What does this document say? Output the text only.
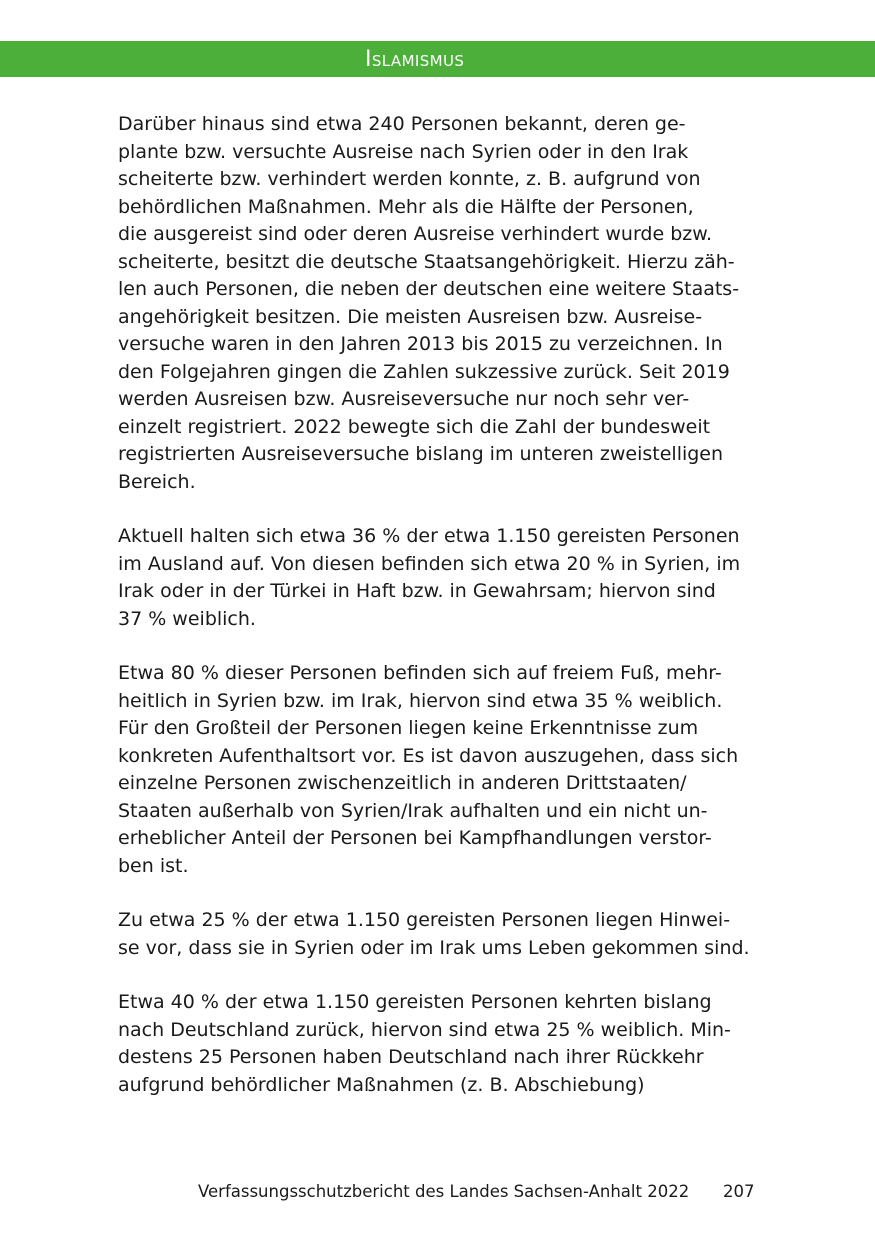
Islamismus
Darüber hinaus sind etwa 240 Personen bekannt, deren ge-
plante bzw. versuchte Ausreise nach Syrien oder in den Irak
scheiterte bzw. verhindert werden konnte, z. B. aufgrund von
behördlichen Maßnahmen. Mehr als die Hälfte der Personen,
die ausgereist sind oder deren Ausreise verhindert wurde bzw.
scheiterte, besitzt die deutsche Staatsangehörigkeit. Hierzu zäh-
len auch Personen, die neben der deutschen eine weitere Staats-
angehörigkeit besitzen. Die meisten Ausreisen bzw. Ausreise-
versuche waren in den Jahren 2013 bis 2015 zu verzeichnen. In
den Folgejahren gingen die Zahlen sukzessive zurück. Seit 2019
werden Ausreisen bzw. Ausreiseversuche nur noch sehr ver-
einzelt registriert. 2022 bewegte sich die Zahl der bundesweit
registrierten Ausreiseversuche bislang im unteren zweistelligen
Bereich.
Aktuell halten sich etwa 36 % der etwa 1.150 gereisten Personen
im Ausland auf. Von diesen befinden sich etwa 20 % in Syrien, im
Irak oder in der Türkei in Haft bzw. in Gewahrsam; hiervon sind
37 % weiblich.
Etwa 80 % dieser Personen befinden sich auf freiem Fuß, mehr-
heitlich in Syrien bzw. im Irak, hiervon sind etwa 35 % weiblich.
Für den Großteil der Personen liegen keine Erkenntnisse zum
konkreten Aufenthaltsort vor. Es ist davon auszugehen, dass sich
einzelne Personen zwischenzeitlich in anderen Drittstaaten/
Staaten außerhalb von Syrien/Irak aufhalten und ein nicht un-
erheblicher Anteil der Personen bei Kampfhandlungen verstor-
ben ist.
Zu etwa 25 % der etwa 1.150 gereisten Personen liegen Hinwei-
se vor, dass sie in Syrien oder im Irak ums Leben gekommen sind.
Etwa 40 % der etwa 1.150 gereisten Personen kehrten bislang
nach Deutschland zurück, hiervon sind etwa 25 % weiblich. Min-
destens 25 Personen haben Deutschland nach ihrer Rückkehr
aufgrund behördlicher Maßnahmen (z. B. Abschiebung)
Verfassungsschutzbericht des Landes Sachsen-Anhalt 2022 207
